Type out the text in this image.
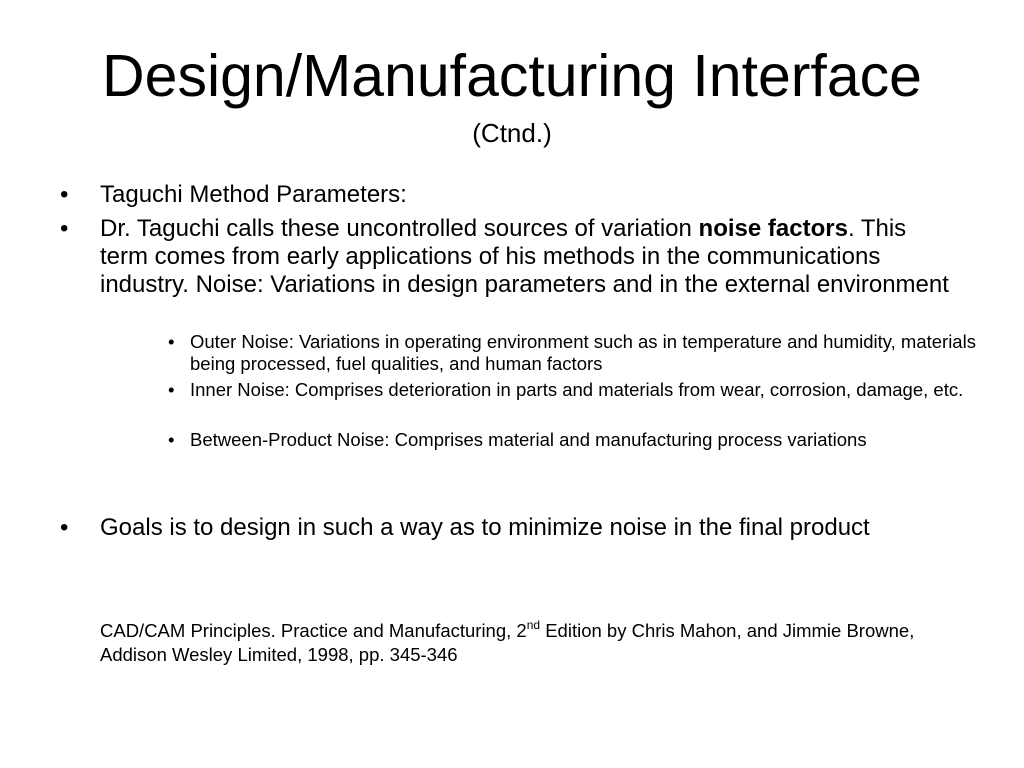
Design/Manufacturing Interface
(Ctnd.)
• Taguchi Method Parameters:
• Dr. Taguchi calls these uncontrolled sources of variation noise factors. This term comes from early applications of his methods in the communications industry. Noise: Variations in design parameters and in the external environment
• Outer Noise: Variations in operating environment such as in temperature and humidity, materials being processed, fuel qualities, and human factors
• Inner Noise: Comprises deterioration in parts and materials from wear, corrosion, damage, etc.
• Between-Product Noise: Comprises material and manufacturing process variations
• Goals is to design in such a way as to minimize noise in the final product
CAD/CAM Principles. Practice and Manufacturing, 2nd Edition by Chris Mahon, and Jimmie Browne, Addison Wesley Limited, 1998, pp. 345-346
